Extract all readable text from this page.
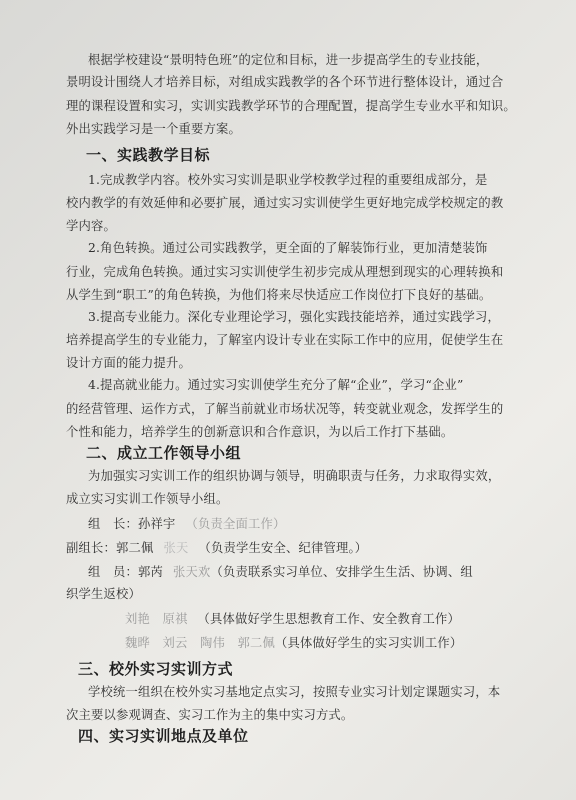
根据学校建设“景明特色班”的定位和目标，进一步提高学生的专业技能，
景明设计围绕人才培养目标，对组成实践教学的各个环节进行整体设计，通过合
理的课程设置和实习，实训实践教学环节的合理配置，提高学生专业水平和知识。
外出实践学习是一个重要方案。
一、实践教学目标
1.完成教学内容。校外实习实训是职业学校教学过程的重要组成部分，是
校内教学的有效延伸和必要扩展，通过实习实训使学生更好地完成学校规定的教
学内容。
2.角色转换。通过公司实践教学，更全面的了解装饰行业，更加清楚装饰
行业，完成角色转换。通过实习实训使学生初步完成从理想到现实的心理转换和
从学生到“职工”的角色转换，为他们将来尽快适应工作岗位打下良好的基础。
3.提高专业能力。深化专业理论学习，强化实践技能培养，通过实践学习，
培养提高学生的专业能力，了解室内设计专业在实际工作中的应用，促使学生在
设计方面的能力提升。
4.提高就业能力。通过实习实训使学生充分了解“企业”，学习“企业”
的经营管理、运作方式，了解当前就业市场状况等，转变就业观念，发挥学生的
个性和能力，培养学生的创新意识和合作意识，为以后工作打下基础。
二、成立工作领导小组
为加强实习实训工作的组织协调与领导，明确职责与任务，力求取得实效，
成立实习实训工作领导小组。
组　长：孙祥宇 （负责全面工作）
副组长：郭二佩 张天 （负责学生安全、纪律管理。）
组　员：郭芮 张天欢（负责联系实习单位、安排学生生活、协调、组
织学生返校）
刘艳　原祺 （具体做好学生思想教育工作、安全教育工作）
魏晔　刘云　陶伟　郭二佩（具体做好学生的实习实训工作）
三、校外实习实训方式
学校统一组织在校外实习基地定点实习，按照专业实习计划定课题实习，本
次主要以参观调查、实习工作为主的集中实习方式。
四、实习实训地点及单位
